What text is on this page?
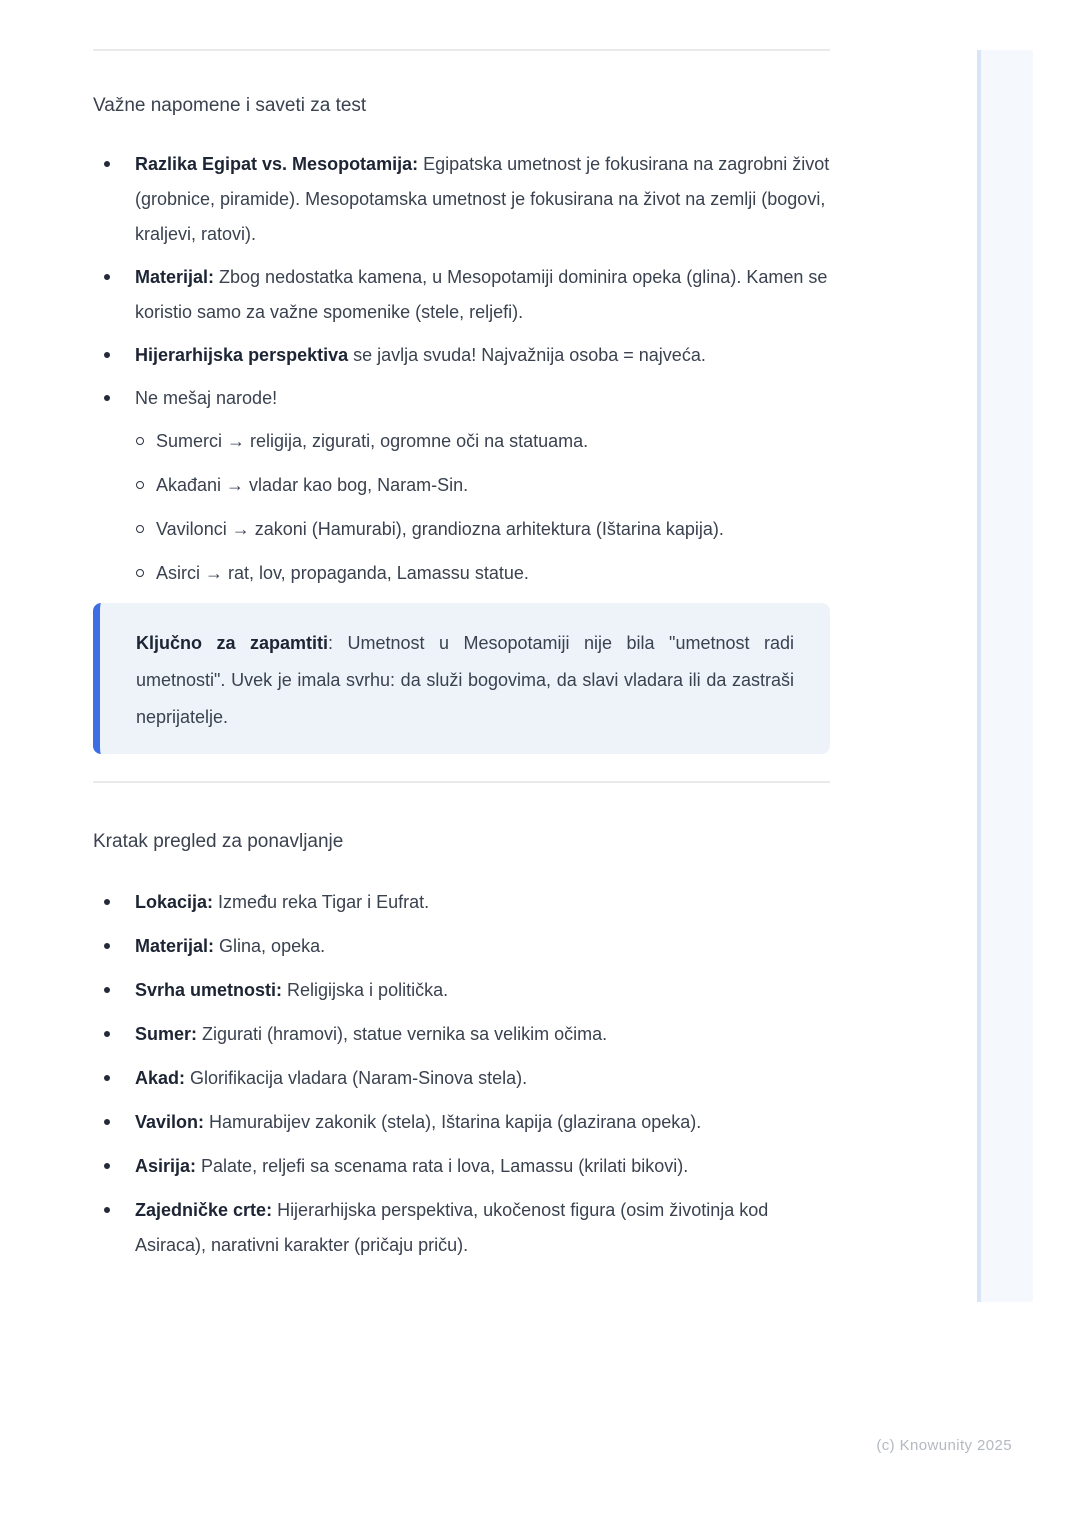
Važne napomene i saveti za test

Razlika Egipat vs. Mesopotamija: Egipatska umetnost je fokusirana na zagrobni život (grobnice, piramide). Mesopotamska umetnost je fokusirana na život na zemlji (bogovi, kraljevi, ratovi).

Materijal: Zbog nedostatka kamena, u Mesopotamiji dominira opeka (glina). Kamen se koristio samo za važne spomenike (stele, reljefi).

Hijerarhijska perspektiva se javlja svuda! Najvažnija osoba = najveća.

Ne mešaj narode!

Sumerci → religija, zigurati, ogromne oči na statuama.

Akađani → vladar kao bog, Naram-Sin.

Vavilonci → zakoni (Hamurabi), grandiozna arhitektura (Ištarina kapija).

Asirci → rat, lov, propaganda, Lamassu statue.

Ključno za zapamtiti: Umetnost u Mesopotamiji nije bila "umetnost radi umetnosti". Uvek je imala svrhu: da služi bogovima, da slavi vladara ili da zastraši neprijatelje.

Kratak pregled za ponavljanje

Lokacija: Između reka Tigar i Eufrat.

Materijal: Glina, opeka.

Svrha umetnosti: Religijska i politička.

Sumer: Zigurati (hramovi), statue vernika sa velikim očima.

Akad: Glorifikacija vladara (Naram-Sinova stela).

Vavilon: Hamurabijev zakonik (stela), Ištarina kapija (glazirana opeka).

Asirija: Palate, reljefi sa scenama rata i lova, Lamassu (krilati bikovi).

Zajedničke crte: Hijerarhijska perspektiva, ukočenost figura (osim životinja kod Asiraca), narativni karakter (pričaju priču).

(c) Knowunity 2025
